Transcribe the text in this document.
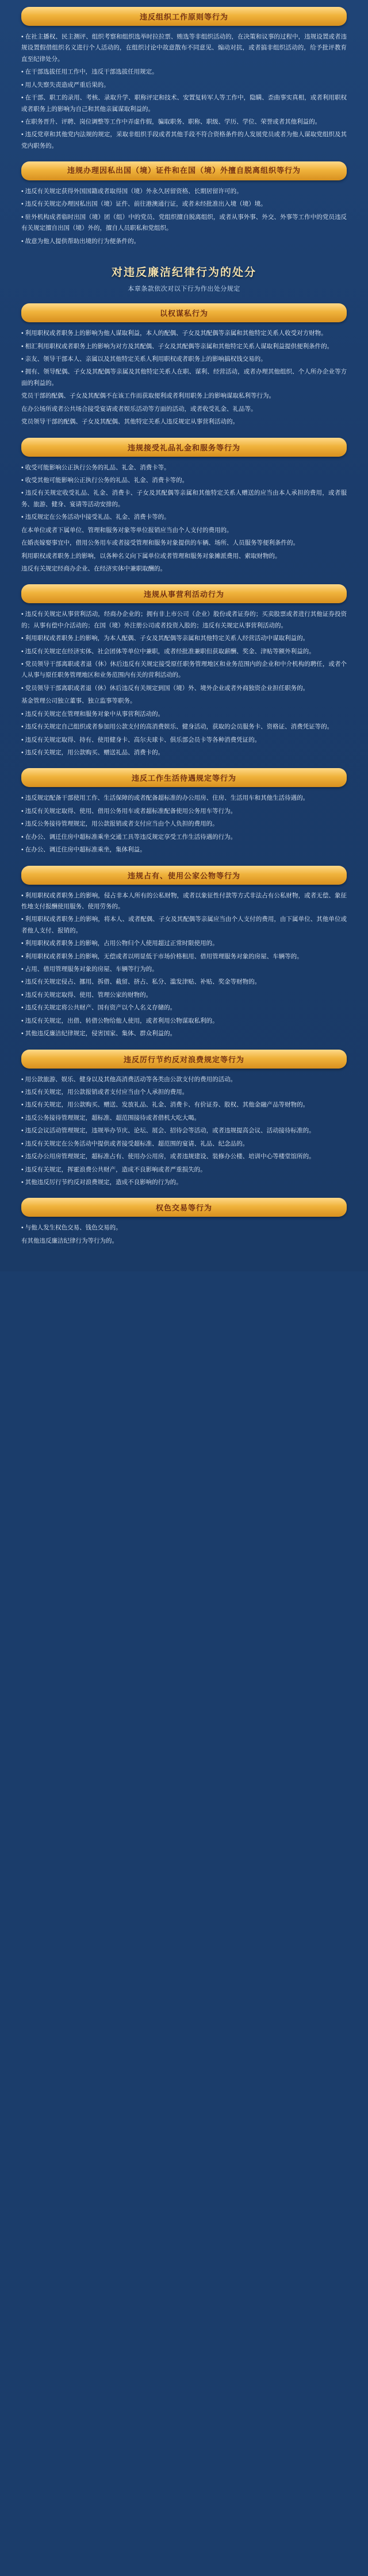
违反组织工作原则等行为

• 在社主播权、民主测评、组织考察和组织选举时拉拉票、贿选等非组织活动的，在决策和议事的过程中，违规设置或者违规设置假借组织名义进行个人活动的，在组织讨论中故意散布不同意见、煽动对抗，或者搞非组织活动的，给予批评教育直至纪律处分。

• 在干部选拔任用工作中，违反干部选拔任用规定。

• 用人失察失责造成严重后果的。

• 在干部、职工的录用、考核、录取升学、职称评定和技术、安置复转军人等工作中，隐瞒、歪曲事实真相，或者利用职权或者职务上的影响为自己和其他亲属谋取利益的。

• 在职务晋升、评聘、岗位调整等工作中弄虚作假，骗取职务、职称、职级、学历、学位、荣誉或者其他利益的。

• 违反党章和其他党内法规的规定，采取非组织手段或者其他手段不符合资格条件的人发展党员或者为他人谋取党组织及其党内职务的。

违规办理因私出国（境）证件和在国（境）外擅自脱离组织等行为

• 违反有关规定获得外国国籍或者取得国（境）外永久居留资格、长期居留许可的。

• 违反有关规定办理因私出国（境）证件、前往港澳通行证，或者未经批准出入境（境）境。

• 驻外机构成者临时出国（境）团（组）中的党员、党组织擅自脱离组织，或者从事外事、外交、外事等工作中的党员违反有关规定擅自出国（境）外的，擅自人员职私和党组织。

• 故意为他人提供帮助出境的行为便条件的。

对违反廉洁纪律行为的处分
本章条款依次对以下行为作出处分规定
以权谋私行为

• 利用职权或者职务上的影响为他人谋取利益，本人的配偶、子女及其配偶等亲属和其他特定关系人收受对方财物。

• 相汇利用职权或者职务上的影响为对方及其配偶、子女及其配偶等亲属和其他特定关系人谋取利益提供便利条件的。

• 亲友、领导干部本人、亲属以及其他特定关系人利用职权或者职务上的影响搞权钱交易的。

• 拥有、领导配偶、子女及其配偶等亲属及其他特定关系人在职、谋利、经营活动，或者办理其他组织、个人所办企业等方面的利益的。

党员干部的配偶、子女及其配偶不在该工作而获取便利或者利用职务上的影响谋取私利等行为。

在办公场所或者公共场合接受宴请或者娱乐活动等方面的活动，或者收受礼金、礼品等。

党员领导干部的配偶、子女及其配偶、其他特定关系人违反规定从事营利活动的。

违规接受礼品礼金和服务等行为

• 收受可能影响公正执行公务的礼品、礼金、消费卡等。

• 收受其他可能影响公正执行公务的礼品、礼金、消费卡等的。

• 违反有关规定收受礼品、礼金、消费卡、子女及其配偶等亲属和其他特定关系人赠送的应当由本人承担的费用，或者服务、旅游、健身、宴请等活动安排的。

• 违反规定在公务活动中接受礼品、礼金、消费卡等的。

在本单位或者下属单位、管理和服务对象等单位报销应当由个人支付的费用的。

在婚丧嫁娶事宜中，借用公务用车或者接受管理和服务对象提供的车辆、场所、人员服务等便利条件的。

利用职权或者职务上的影响，以各种名义向下属单位或者管理和服务对象摊派费用、索取财物的。

违反有关规定经商办企业、在经济实体中兼职取酬的。

违规从事营利活动行为

• 违反有关规定从事营利活动，经商办企业的；拥有非上市公司（企业）股份或者证券的；买卖股票或者进行其他证券投资的；从事有偿中介活动的；在国（境）外注册公司或者投资入股的；违反有关规定从事营利活动的。

• 利用职权或者职务上的影响，为本人配偶、子女及其配偶等亲属和其他特定关系人经营活动中谋取利益的。

• 违反有关规定在经济实体、社会团体等单位中兼职，或者经批准兼职但获取薪酬、奖金、津贴等额外利益的。

• 党员领导干部离职或者退（休）休后违反有关规定接受原任职务管理地区和业务范围内的企业和中介机构的聘任，或者个人从事与原任职务管理地区和业务范围内有关的营利活动的。

• 党员领导干部离职或者退（休）休后违反有关规定到国（境）外、境外企业或者外商独资企业担任职务的。

基金管理公司独立董事、独立监事等职务。

• 违反有关规定在管理和服务对象中从事营利活动的。

• 违反有关规定自己组织或者参加用公款支付的高消费娱乐、健身活动，获取的会员服务卡、资格证、消费凭证等的。

• 违反有关规定取得、持有、使用健身卡、高尔夫球卡、俱乐部会员卡等各种消费凭证的。

• 违反有关规定，用公款购买、赠送礼品、消费卡的。

违反工作生活待遇规定等行为

• 违反规定配备干部使用工作、生活保障的或者配备超标准的办公用房、住房、生活用车和其他生活待遇的。

• 违反有关规定取得、使用、借用公务用车或者超标准配备使用公务用车等行为。

• 违反公务接待管理规定，用公款报销或者支付应当由个人负担的费用的。

• 在办公、调迁住房中超标准乘坐交通工具等违反规定享受工作生活待遇的行为。

• 在办公、调迁住房中超标准乘坐，集体利益。

违规占有、使用公家公物等行为

• 利用职权或者职务上的影响，侵占非本人所有的公私财物，或者以象征性付款等方式非法占有公私财物，或者无偿、象征性地支付报酬使用服务、使用劳务的。

• 利用职权或者职务上的影响，将本人、或者配偶、子女及其配偶等亲属应当由个人支付的费用，由下属单位、其他单位或者他人支付、报销的。

• 利用职权或者职务上的影响，占用公物归个人使用超过正常时限使用的。

• 利用职权或者职务上的影响，无偿或者以明显低于市场价格租用、借用管理服务对象的房屋、车辆等的。

• 占用、借用管理服务对象的房屋、车辆等行为的。

• 违反有关规定侵占、挪用、拆借、截留、挤占、私分、滥发津贴、补贴、奖金等财物的。

• 违反有关规定取得、使用、管理公家的财物的。

• 违反有关规定将公共财产、国有资产以个人名义存储的。

• 违反有关规定，出借、转借公物给他人使用，或者利用公物谋取私利的。

• 其他违反廉洁纪律规定，侵害国家、集体、群众利益的。

违反厉行节约反对浪费规定等行为

• 用公款旅游、娱乐、健身以及其他高消费活动等各类由公款支付的费用的活动。

• 违反有关规定，用公款报销或者支付应当由个人承担的费用。

• 违反有关规定，用公款购买、赠送、发放礼品、礼金、消费卡、有价证券、股权、其他金融产品等财物的。

• 违反公务接待管理规定，超标准、超范围接待或者借机大吃大喝。

• 违反会议活动管理规定，违规举办节庆、论坛、展会、招待会等活动，或者违规提高会议、活动接待标准的。

• 违反有关规定在公务活动中提供或者接受超标准、超范围的宴请、礼品、纪念品的。

• 违反办公用房管理规定，超标准占有、使用办公用房，或者违规建设、装修办公楼、培训中心等楼堂馆所的。

• 违反有关规定，挥霍浪费公共财产，造成不良影响或者严重损失的。

• 其他违反厉行节约反对浪费规定，造成不良影响的行为的。

权色交易等行为

• 与他人发生权色交易、钱色交易的。

有其他违反廉洁纪律行为等行为的。
